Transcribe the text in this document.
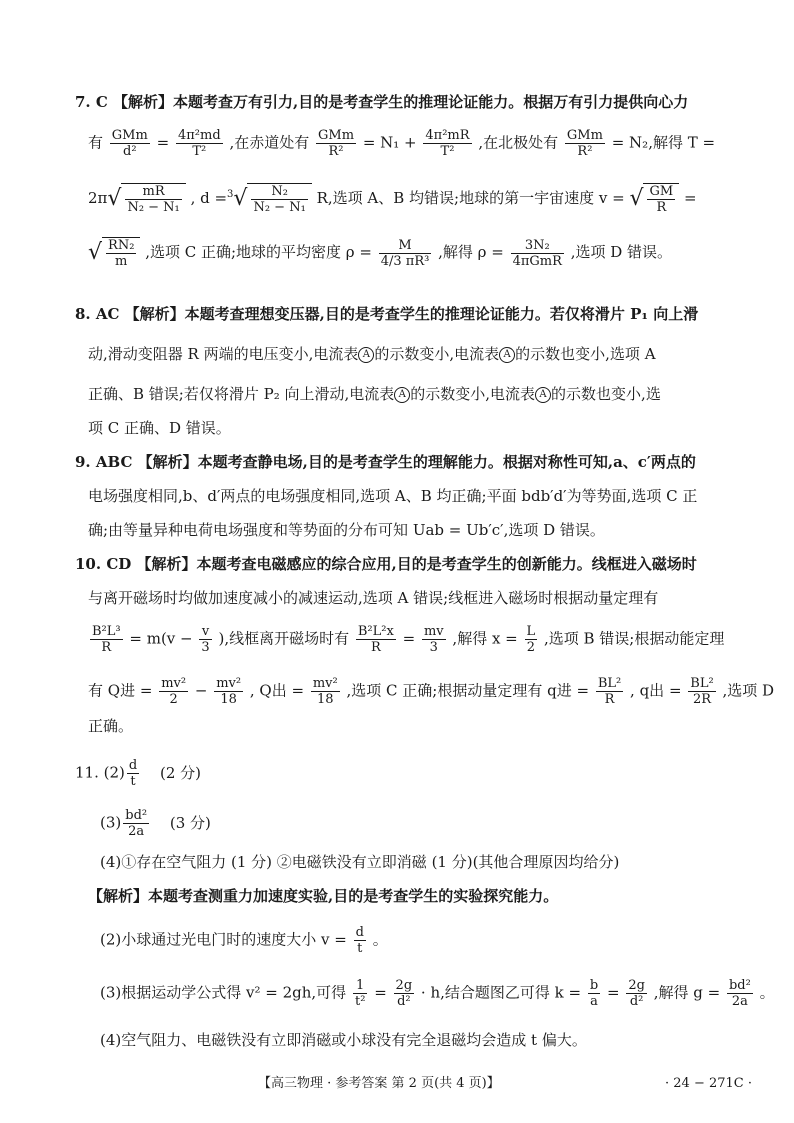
7. C 【解析】本题考查万有引力,目的是考查学生的推理论证能力。根据万有引力提供向心力
有 $\frac{\text{GMm}}{\text{d²}} = \frac{\text{4π²md}}{\text{T²}}$ ,在赤道处有 $\frac{\text{GMm}}{\text{R²}} = N_1 + \frac{\text{4π²mR}}{\text{T²}}$ ,在北极处有 $\frac{\text{GMm}}{\text{R²}} = N_2$,解得 T =
$2\pi√ \frac{mR}{\text{N₂ − N₁}}$ , $d =^3√ \frac{\text{N₂}}{\text{N₂ − N₁}} R$,选项 A、B 均错误;地球的第一宇宙速度 v = √ $\frac{GM}{R}$ =
√ $\frac{\text{RN₂}}{m}$ ,选项 C 正确;地球的平均密度 $\rho = \frac{M}{\text{4/3 πR³}}$ ,解得 $\rho = \frac{\text{3N₂}}{\text{4πGmR}}$ ,选项 D 错误。
8. AC 【解析】本题考查理想变压器,目的是考查学生的推理论证能力。若仅将滑片 P₁ 向上滑
动,滑动变阻器 R 两端的电压变小,电流表 A 的示数变小,电流表 A 的示数也变小,选项 A
正确、B 错误;若仅将滑片 P₂ 向上滑动,电流表 A 的示数变小,电流表 A 的示数也变小,选
项 C 正确、D 错误。
9. ABC 【解析】本题考查静电场,目的是考查学生的理解能力。根据对称性可知,a、c′两点的
电场强度相同,b、d′两点的电场强度相同,选项 A、B 均正确;平面 bdb′d′为等势面,选项 C 正
确;由等量异种电荷电场强度和等势面的分布可知 Uab = Ub′c′,选项 D 错误。
10. CD 【解析】本题考查电磁感应的综合应用,目的是考查学生的创新能力。线框进入磁场时
与离开磁场时均做加速度减小的减速运动,选项 A 错误;线框进入磁场时根据动量定理有
$\frac{\text{B²L³}}{R} = m(v - \frac{v}{3}$ ),线框离开磁场时有 $\frac{\text{B²L²x}}{R} = \frac{mv}{3}$ ,解得 $x = \frac{L}{2}$ ,选项 B 错误;根据动能定理
有 Q进 = $\frac{\text{mv²}}{2} - \frac{\text{mv²}}{18}$ , Q出 = $\frac{\text{mv²}}{18}$ ,选项 C 正确;根据动量定理有 q进 = $\frac{\text{BL²}}{R}$ , q出 = $\frac{\text{BL²}}{2R}$ ,选项 D
正确。
11. $(2) \frac{d}{t} (2$ 分)
$(3) \frac{\text{bd²}}{2a} (3$ 分)
(4)①存在空气阻力 (1 分) ②电磁铁没有立即消磁 (1 分)(其他合理原因均给分)
【解析】本题考查测重力加速度实验,目的是考查学生的实验探究能力。
(2)小球通过光电门时的速度大小 $v = \frac{d}{t}$ 。
(3)根据运动学公式得 v² = 2gh,可得 $\frac{1}{\text{t²}} = \frac{2g}{\text{d²}} \cdot h$,结合题图乙可得 $k = \frac{b}{a} = \frac{2g}{\text{d²}}$ ,解得 $g = \frac{\text{bd²}}{2a}$ 。
(4)空气阻力、电磁铁没有立即消磁或小球没有完全退磁均会造成 t 偏大。
【高三物理 · 参考答案 第 2 页(共 4 页)】	· 24 − 271C ·
